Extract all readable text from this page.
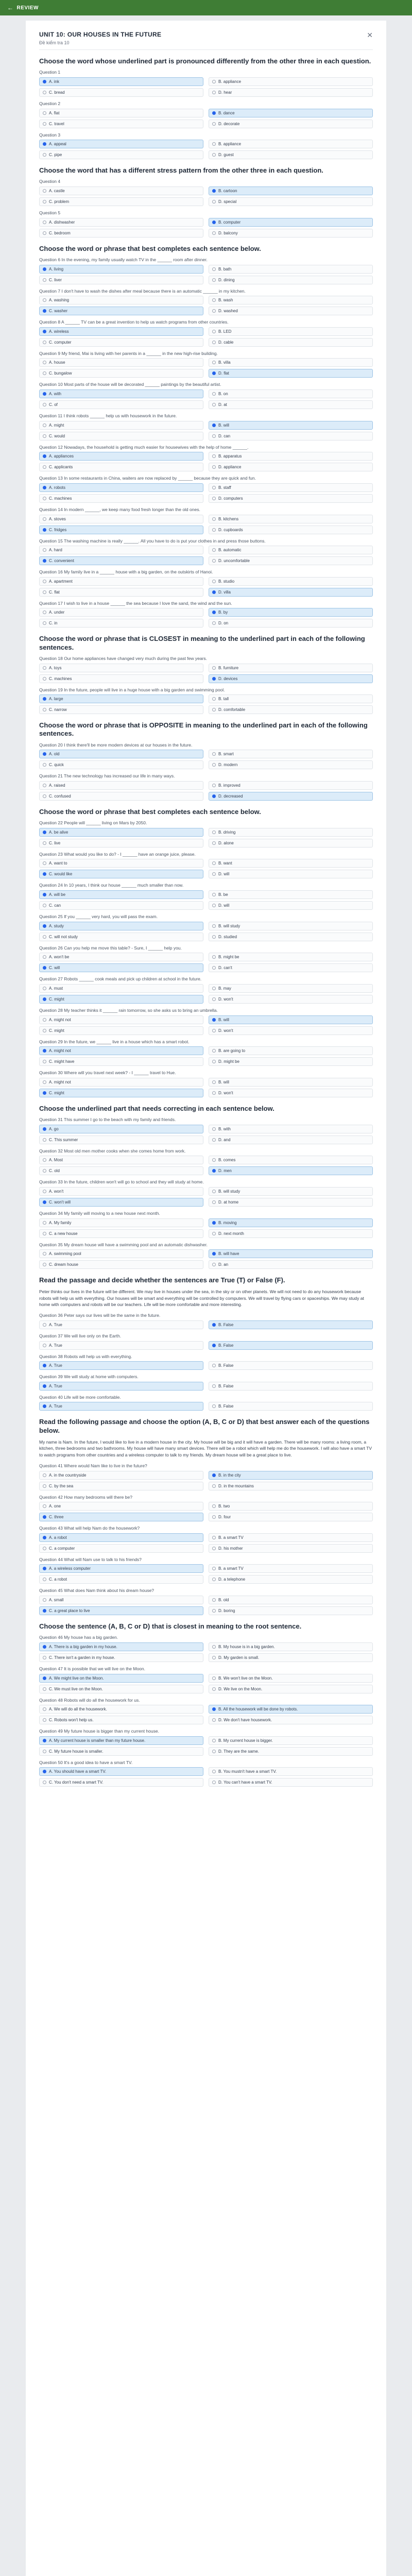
← REVIEW
UNIT 10: OUR HOUSES IN THE FUTURE
Đề kiểm tra 10
✕
Choose the word whose underlined part is pronounced differently from the other three in each question.
Question 1
A. ink	B. appliance
C. bread	D. hear
Question 2
A. flat	B. dance
C. travel	D. decorate
Question 3
A. appeal	B. appliance
C. pipe	D. guest
Choose the word that has a different stress pattern from the other three in each question.
Question 4
A. castle	B. cartoon
C. problem	D. special
Question 5
A. dishwasher	B. computer
C. bedroom	D. balcony
Choose the word or phrase that best completes each sentence below.
Question 6 In the evening, my family usually watch TV in the ______ room after dinner.
A. living	B. bath
C. liver	D. dining
Question 7 I don't have to wash the dishes after meal because there is an automatic ______ in my kitchen.
A. washing	B. wash
C. washer	D. washed
Question 8 A ______ TV can be a great invention to help us watch programs from other countries.
A. wireless	B. LED
C. computer	D. cable
Question 9 My friend, Mai is living with her parents in a ______ in the new high-rise building.
A. house	B. villa
C. bungalow	D. flat
Question 10 Most parts of the house will be decorated ______ paintings by the beautiful artist.
A. with	B. on
C. of	D. at
Question 11 I think robots ______ help us with housework in the future.
A. might	B. will
C. would	D. can
Question 12 Nowadays, the household is getting much easier for housewives with the help of home ______.
A. appliances	B. apparatus
C. applicants	D. appliance
Question 13 In some restaurants in China, waiters are now replaced by ______ because they are quick and fun.
A. robots	B. staff
C. machines	D. computers
Question 14 In modern ______, we keep many food fresh longer than the old ones.
A. stoves	B. kitchens
C. fridges	D. cupboards
Question 15 The washing machine is really ______. All you have to do is put your clothes in and press those buttons.
A. hard	B. automatic
C. convenient	D. uncomfortable
Question 16 My family live in a ______ house with a big garden, on the outskirts of Hanoi.
A. apartment	B. studio
C. flat	D. villa
Question 17 I wish to live in a house ______ the sea because I love the sand, the wind and the sun.
A. under	B. by
C. in	D. on
Choose the word or phrase that is CLOSEST in meaning to the underlined part in each of the following sentences.
Question 18 Our home appliances have changed very much during the past few years.
A. toys	B. furniture
C. machines	D. devices
Question 19 In the future, people will live in a huge house with a big garden and swimming pool.
A. large	B. tall
C. narrow	D. comfortable
Choose the word or phrase that is OPPOSITE in meaning to the underlined part in each of the following sentences.
Question 20 I think there'll be more modern devices at our houses in the future.
A. old	B. smart
C. quick	D. modern
Question 21 The new technology has increased our life in many ways.
A. raised	B. improved
C. confused	D. decreased
Choose the word or phrase that best completes each sentence below.
Question 22 People will ______ living on Mars by 2050.
A. be alive	B. driving
C. live	D. alone
Question 23 What would you like to do? - I ______ have an orange juice, please.
A. want to	B. want
C. would like	D. will
Question 24 In 10 years, I think our house ______ much smaller than now.
A. will be	B. be
C. can	D. will
Question 25 If you ______ very hard, you will pass the exam.
A. study	B. will study
C. will not study	D. studied
Question 26 Can you help me move this table? - Sure, I ______ help you.
A. won't be	B. might be
C. will	D. can't
Question 27 Robots ______ cook meals and pick up children at school in the future.
A. must	B. may
C. might	D. won't
Question 28 My teacher thinks it ______ rain tomorrow, so she asks us to bring an umbrella.
A. might not	B. will
C. might	D. won't
Question 29 In the future, we ______ live in a house which has a smart robot.
A. might not	B. are going to
C. might have	D. might be
Question 30 Where will you travel next week? - I ______ travel to Hue.
A. might not	B. will
C. might	D. won't
Choose the underlined part that needs correcting in each sentence below.
Question 31 This summer I go to the beach with my family and friends.
A. go	B. with
C. This summer	D. and
Question 32 Most old men mother cooks when she comes home from work.
A. Most	B. comes
C. old	D. men
Question 33 In the future, children won't will go to school and they will study at home.
A. won't	B. will study
C. won't will	D. at home
Question 34 My family will moving to a new house next month.
A. My family	B. moving
C. a new house	D. next month
Question 35 My dream house will have a swimming pool and an automatic dishwasher.
A. swimming pool	B. will have
C. dream house	D. an
Read the passage and decide whether the sentences are True (T) or False (F).
Peter thinks our lives in the future will be different. We may live in houses under the sea, in the sky or on other planets. We will not need to do any housework because robots will help us with everything. Our houses will be smart and everything will be controlled by computers. We will travel by flying cars or spaceships. We may study at home with computers and robots will be our teachers. Life will be more comfortable and more interesting.
Question 36 Peter says our lives will be the same in the future.
A. True	B. False
Question 37 We will live only on the Earth.
A. True	B. False
Question 38 Robots will help us with everything.
A. True	B. False
Question 39 We will study at home with computers.
A. True	B. False
Question 40 Life will be more comfortable.
A. True	B. False
Read the following passage and choose the option (A, B, C or D) that best answer each of the questions below.
My name is Nam. In the future, I would like to live in a modern house in the city. My house will be big and it will have a garden. There will be many rooms: a living room, a kitchen, three bedrooms and two bathrooms. My house will have many smart devices. There will be a robot which will help me do the housework. I will also have a smart TV to watch programs from other countries and a wireless computer to talk to my friends. My dream house will be a great place to live.
Question 41 Where would Nam like to live in the future?
A. in the countryside	B. in the city
C. by the sea	D. in the mountains
Question 42 How many bedrooms will there be?
A. one	B. two
C. three	D. four
Question 43 What will help Nam do the housework?
A. a robot	B. a smart TV
C. a computer	D. his mother
Question 44 What will Nam use to talk to his friends?
A. a wireless computer	B. a smart TV
C. a robot	D. a telephone
Question 45 What does Nam think about his dream house?
A. small	B. old
C. a great place to live	D. boring
Choose the sentence (A, B, C or D) that is closest in meaning to the root sentence.
Question 46 My house has a big garden.
A. There is a big garden in my house.	B. My house is in a big garden.
C. There isn't a garden in my house.	D. My garden is small.
Question 47 It is possible that we will live on the Moon.
A. We might live on the Moon.	B. We won't live on the Moon.
C. We must live on the Moon.	D. We live on the Moon.
Question 48 Robots will do all the housework for us.
A. We will do all the housework.	B. All the housework will be done by robots.
C. Robots won't help us.	D. We don't have housework.
Question 49 My future house is bigger than my current house.
A. My current house is smaller than my future house.	B. My current house is bigger.
C. My future house is smaller.	D. They are the same.
Question 50 It's a good idea to have a smart TV.
A. You should have a smart TV.	B. You mustn't have a smart TV.
C. You don't need a smart TV.	D. You can't have a smart TV.
